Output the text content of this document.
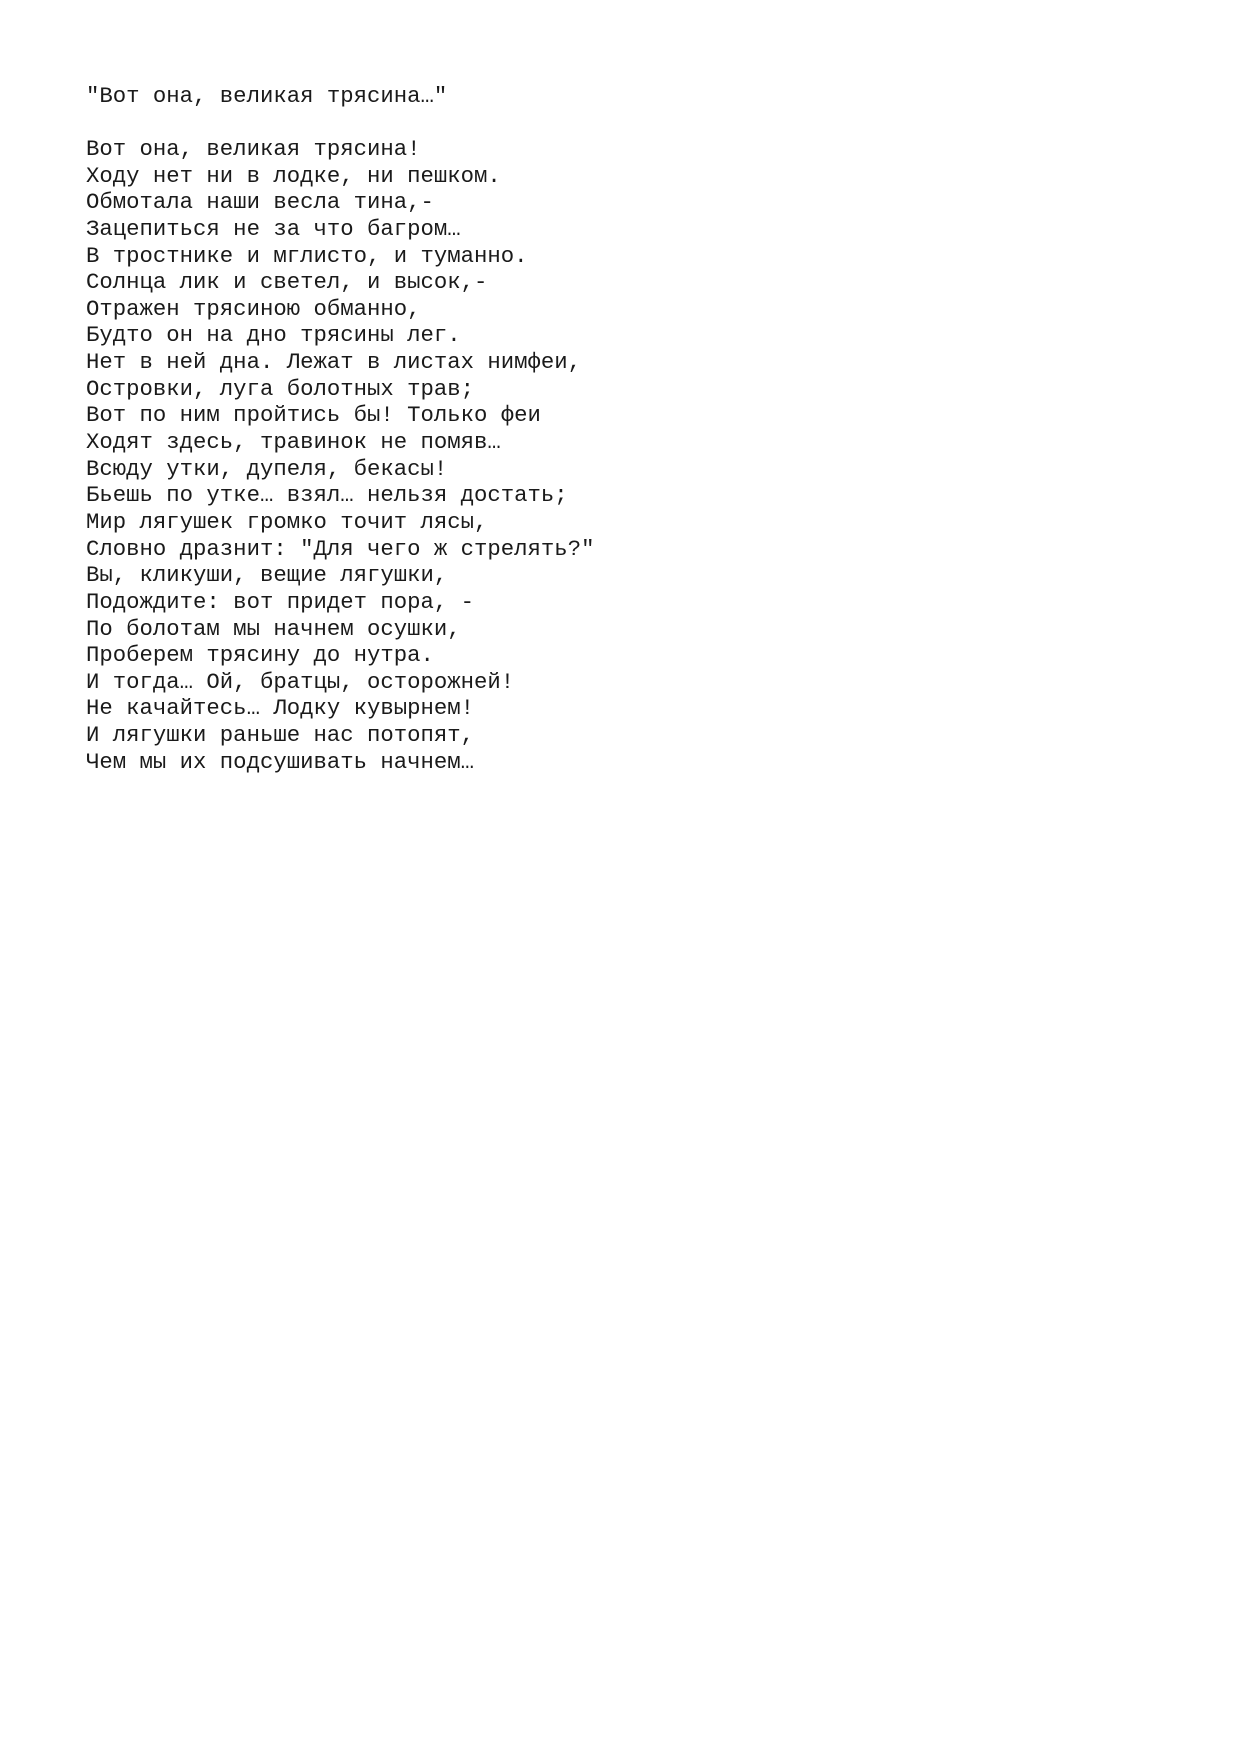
"Вот она, великая трясина…"
Вот она, великая трясина!
Ходу нет ни в лодке, ни пешком.
Обмотала наши весла тина,-
Зацепиться не за что багром…
В тростнике и мглисто, и туманно.
Солнца лик и светел, и высок,-
Отражен трясиною обманно,
Будто он на дно трясины лег.
Нет в ней дна. Лежат в листах нимфеи,
Островки, луга болотных трав;
Вот по ним пройтись бы! Только феи
Ходят здесь, травинок не помяв…
Всюду утки, дупеля, бекасы!
Бьешь по утке… взял… нельзя достать;
Мир лягушек громко точит лясы,
Словно дразнит: "Для чего ж стрелять?"
Вы, кликуши, вещие лягушки,
Подождите: вот придет пора, -
По болотам мы начнем осушки,
Проберем трясину до нутра.
И тогда… Ой, братцы, осторожней!
Не качайтесь… Лодку кувырнем!
И лягушки раньше нас потопят,
Чем мы их подсушивать начнем…
